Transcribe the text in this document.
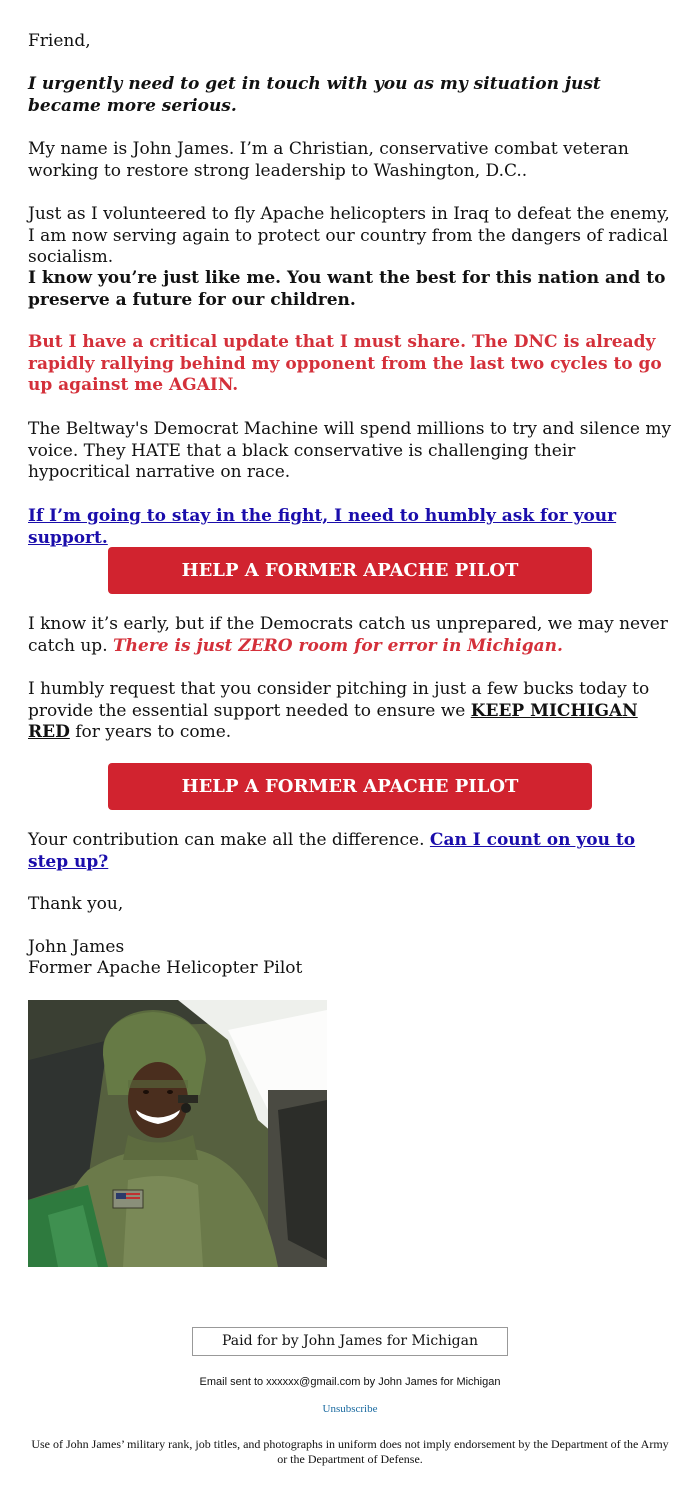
Friend,

I urgently need to get in touch with you as my situation just became more serious.

My name is John James. I’m a Christian, conservative combat veteran working to restore strong leadership to Washington, D.C..

Just as I volunteered to fly Apache helicopters in Iraq to defeat the enemy, I am now serving again to protect our country from the dangers of radical socialism.

I know you’re just like me. You want the best for this nation and to preserve a future for our children.

But I have a critical update that I must share. The DNC is already rapidly rallying behind my opponent from the last two cycles to go up against me AGAIN.

The Beltway's Democrat Machine will spend millions to try and silence my voice. They HATE that a black conservative is challenging their hypocritical narrative on race.

If I’m going to stay in the fight, I need to humbly ask for your support.

HELP A FORMER APACHE PILOT

I know it’s early, but if the Democrats catch us unprepared, we may never catch up. There is just ZERO room for error in Michigan.

I humbly request that you consider pitching in just a few bucks today to provide the essential support needed to ensure we KEEP MICHIGAN RED for years to come.

HELP A FORMER APACHE PILOT

Your contribution can make all the difference. Can I count on you to step up?

Thank you,

John James

Former Apache Helicopter Pilot

Paid for by John James for Michigan
Email sent to xxxxxx@gmail.com by John James for Michigan
Unsubscribe
Use of John James’ military rank, job titles, and photographs in uniform does not imply endorsement by the Department of the Army or the Department of Defense.
